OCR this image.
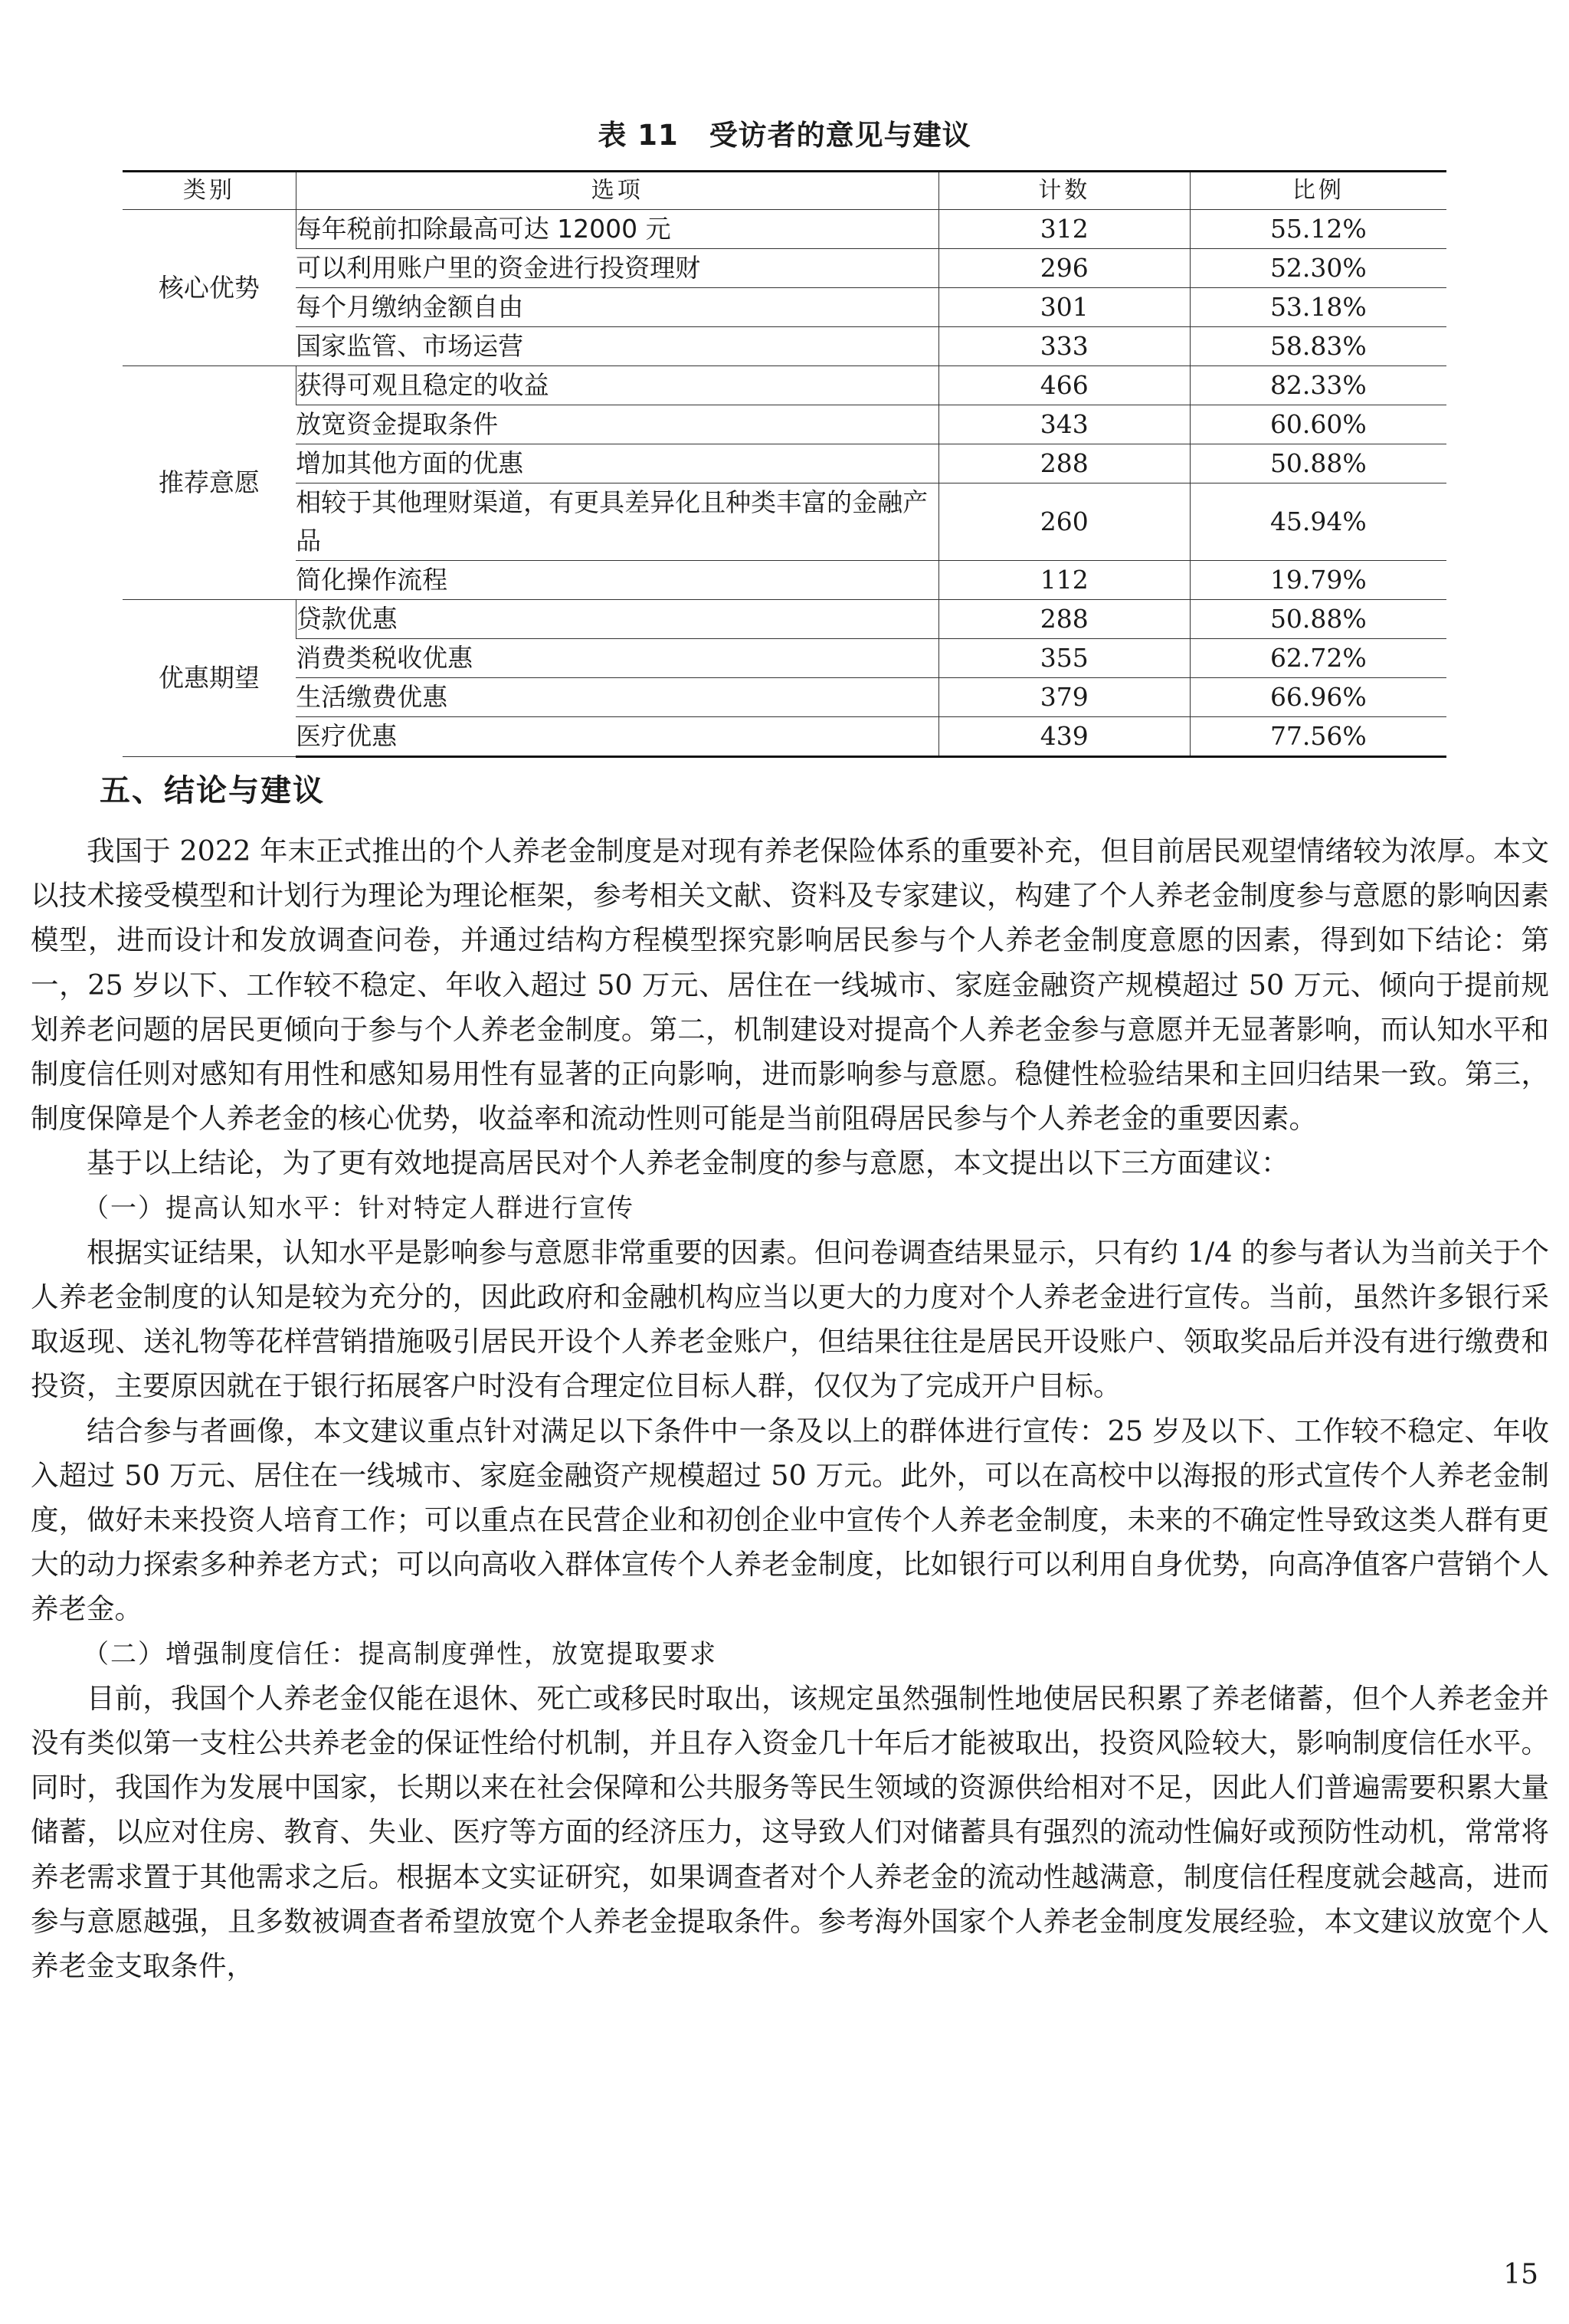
表 11 受访者的意见与建议
类别	选项	计数	比例
核心优势	每年税前扣除最高可达 12000 元	312	55.12%
	可以利用账户里的资金进行投资理财	296	52.30%
	每个月缴纳金额自由	301	53.18%
	国家监管、市场运营	333	58.83%
推荐意愿	获得可观且稳定的收益	466	82.33%
	放宽资金提取条件	343	60.60%
	增加其他方面的优惠	288	50.88%
	相较于其他理财渠道，有更具差异化且种类丰富的金融产品	260	45.94%
	简化操作流程	112	19.79%
优惠期望	贷款优惠	288	50.88%
	消费类税收优惠	355	62.72%
	生活缴费优惠	379	66.96%
	医疗优惠	439	77.56%
五、结论与建议

我国于 2022 年末正式推出的个人养老金制度是对现有养老保险体系的重要补充，但目前居民观望情绪较为浓厚。本文以技术接受模型和计划行为理论为理论框架，参考相关文献、资料及专家建议，构建了个人养老金制度参与意愿的影响因素模型，进而设计和发放调查问卷，并通过结构方程模型探究影响居民参与个人养老金制度意愿的因素，得到如下结论：第一，25 岁以下、工作较不稳定、年收入超过 50 万元、居住在一线城市、家庭金融资产规模超过 50 万元、倾向于提前规划养老问题的居民更倾向于参与个人养老金制度。第二，机制建设对提高个人养老金参与意愿并无显著影响，而认知水平和制度信任则对感知有用性和感知易用性有显著的正向影响，进而影响参与意愿。稳健性检验结果和主回归结果一致。第三，制度保障是个人养老金的核心优势，收益率和流动性则可能是当前阻碍居民参与个人养老金的重要因素。

基于以上结论，为了更有效地提高居民对个人养老金制度的参与意愿，本文提出以下三方面建议：

（一）提高认知水平：针对特定人群进行宣传

根据实证结果，认知水平是影响参与意愿非常重要的因素。但问卷调查结果显示，只有约 1/4 的参与者认为当前关于个人养老金制度的认知是较为充分的，因此政府和金融机构应当以更大的力度对个人养老金进行宣传。当前，虽然许多银行采取返现、送礼物等花样营销措施吸引居民开设个人养老金账户，但结果往往是居民开设账户、领取奖品后并没有进行缴费和投资，主要原因就在于银行拓展客户时没有合理定位目标人群，仅仅为了完成开户目标。

结合参与者画像，本文建议重点针对满足以下条件中一条及以上的群体进行宣传：25 岁及以下、工作较不稳定、年收入超过 50 万元、居住在一线城市、家庭金融资产规模超过 50 万元。此外，可以在高校中以海报的形式宣传个人养老金制度，做好未来投资人培育工作；可以重点在民营企业和初创企业中宣传个人养老金制度，未来的不确定性导致这类人群有更大的动力探索多种养老方式；可以向高收入群体宣传个人养老金制度，比如银行可以利用自身优势，向高净值客户营销个人养老金。

（二）增强制度信任：提高制度弹性，放宽提取要求

目前，我国个人养老金仅能在退休、死亡或移民时取出，该规定虽然强制性地使居民积累了养老储蓄，但个人养老金并没有类似第一支柱公共养老金的保证性给付机制，并且存入资金几十年后才能被取出，投资风险较大，影响制度信任水平。同时，我国作为发展中国家，长期以来在社会保障和公共服务等民生领域的资源供给相对不足，因此人们普遍需要积累大量储蓄，以应对住房、教育、失业、医疗等方面的经济压力，这导致人们对储蓄具有强烈的流动性偏好或预防性动机，常常将养老需求置于其他需求之后。根据本文实证研究，如果调查者对个人养老金的流动性越满意，制度信任程度就会越高，进而参与意愿越强，且多数被调查者希望放宽个人养老金提取条件。参考海外国家个人养老金制度发展经验，本文建议放宽个人养老金支取条件，

15
